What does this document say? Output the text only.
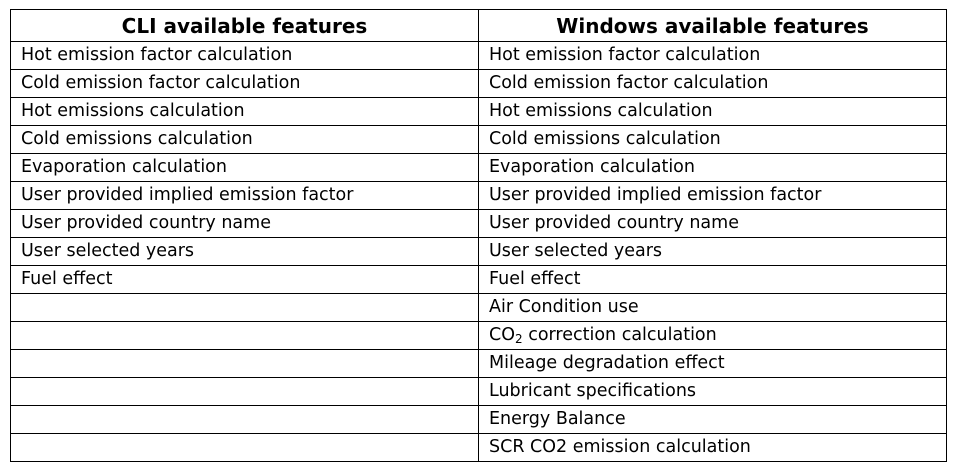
CLI available features	Windows available features
Hot emission factor calculation	Hot emission factor calculation
Cold emission factor calculation	Cold emission factor calculation
Hot emissions calculation	Hot emissions calculation
Cold emissions calculation	Cold emissions calculation
Evaporation calculation	Evaporation calculation
User provided implied emission factor	User provided implied emission factor
User provided country name	User provided country name
User selected years	User selected years
Fuel effect	Fuel effect
	Air Condition use
	$CO_2$ correction calculation
	Mileage degradation effect
	Lubricant specifications
	Energy Balance
	SCR CO2 emission calculation
